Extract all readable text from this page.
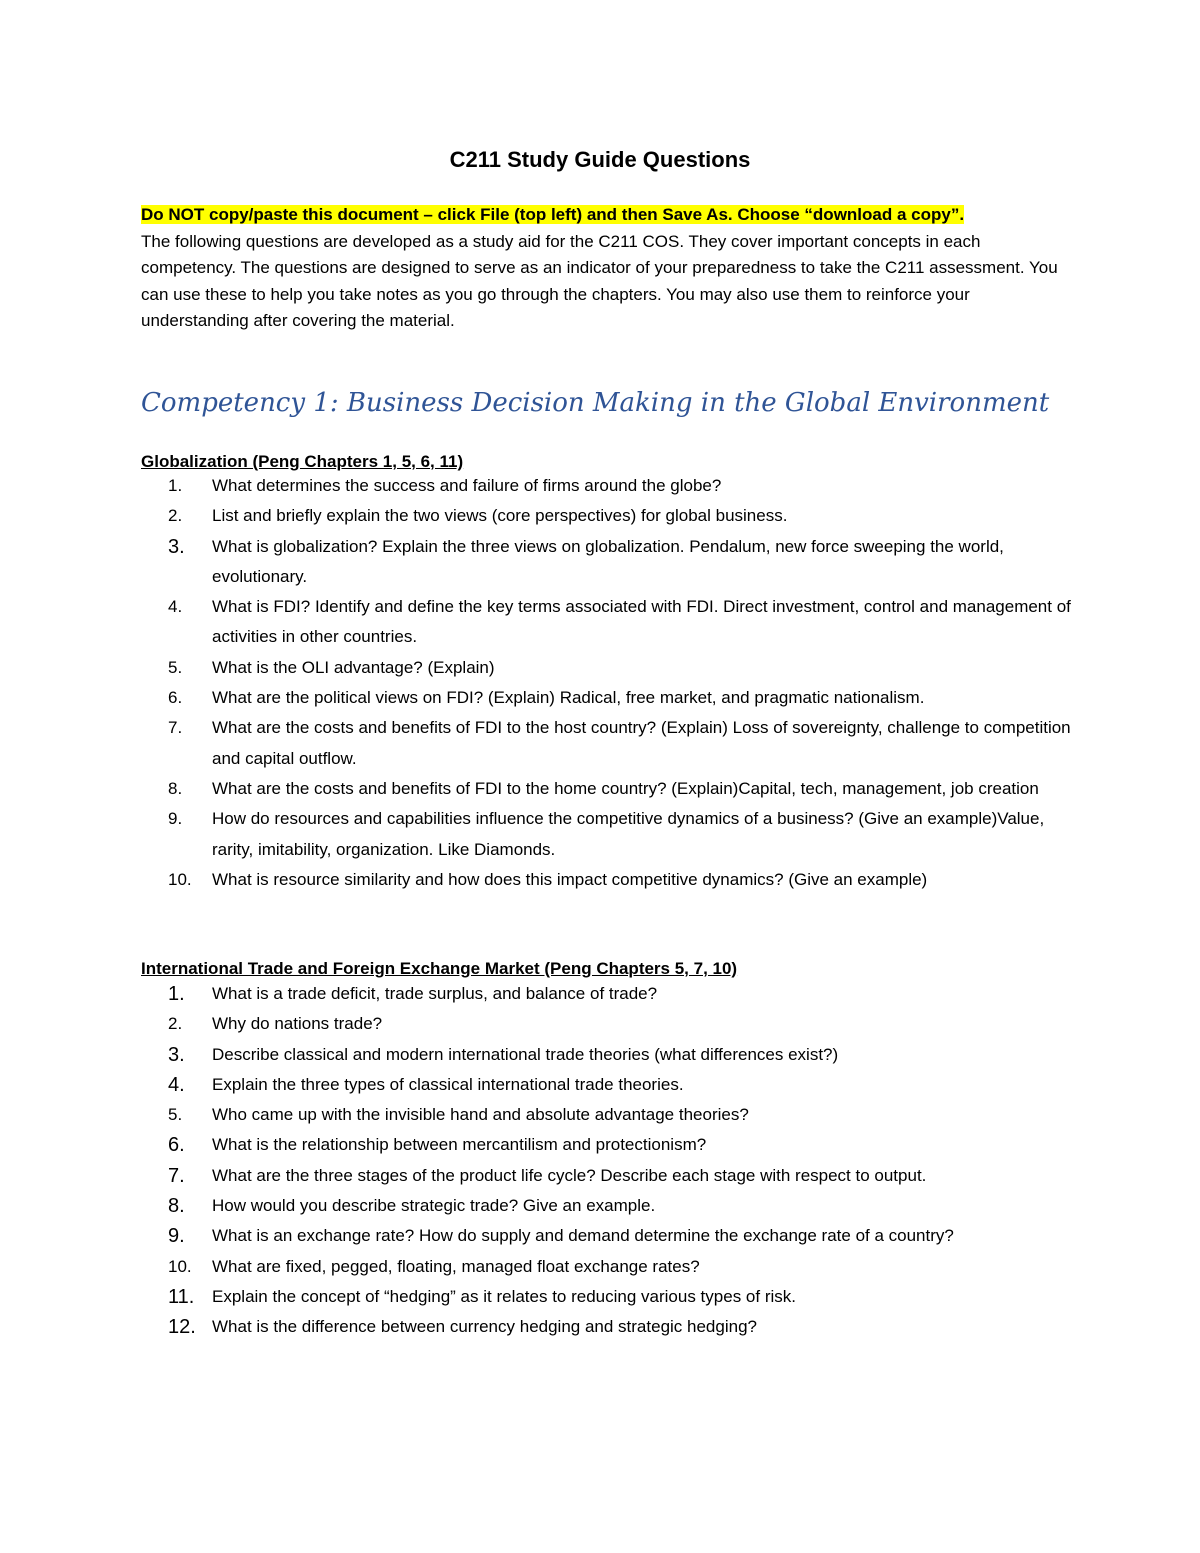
C211 Study Guide Questions
Do NOT copy/paste this document – click File (top left) and then Save As. Choose “download a copy”.
The following questions are developed as a study aid for the C211 COS. They cover important concepts in each competency. The questions are designed to serve as an indicator of your preparedness to take the C211 assessment. You can use these to help you take notes as you go through the chapters. You may also use them to reinforce your understanding after covering the material.
Competency 1: Business Decision Making in the Global Environment
Globalization (Peng Chapters 1, 5, 6, 11)
1.	What determines the success and failure of firms around the globe?
2.	List and briefly explain the two views (core perspectives) for global business.
3.	What is globalization? Explain the three views on globalization. Pendalum, new force sweeping the world, evolutionary.
4.	What is FDI? Identify and define the key terms associated with FDI. Direct investment, control and management of activities in other countries.
5.	What is the OLI advantage? (Explain)
6.	What are the political views on FDI? (Explain) Radical, free market, and pragmatic nationalism.
7.	What are the costs and benefits of FDI to the host country? (Explain) Loss of sovereignty, challenge to competition and capital outflow.
8.	What are the costs and benefits of FDI to the home country? (Explain)Capital, tech, management, job creation
9.	How do resources and capabilities influence the competitive dynamics of a business? (Give an example)Value, rarity, imitability, organization. Like Diamonds.
10.	What is resource similarity and how does this impact competitive dynamics? (Give an example)
International Trade and Foreign Exchange Market (Peng Chapters 5, 7, 10)
1.	What is a trade deficit, trade surplus, and balance of trade?
2.	Why do nations trade?
3.	Describe classical and modern international trade theories (what differences exist?)
4.	Explain the three types of classical international trade theories.
5.	Who came up with the invisible hand and absolute advantage theories?
6.	What is the relationship between mercantilism and protectionism?
7.	What are the three stages of the product life cycle? Describe each stage with respect to output.
8.	How would you describe strategic trade? Give an example.
9.	What is an exchange rate? How do supply and demand determine the exchange rate of a country?
10.	What are fixed, pegged, floating, managed float exchange rates?
11.	Explain the concept of “hedging” as it relates to reducing various types of risk.
12. What is the difference between currency hedging and strategic hedging?
